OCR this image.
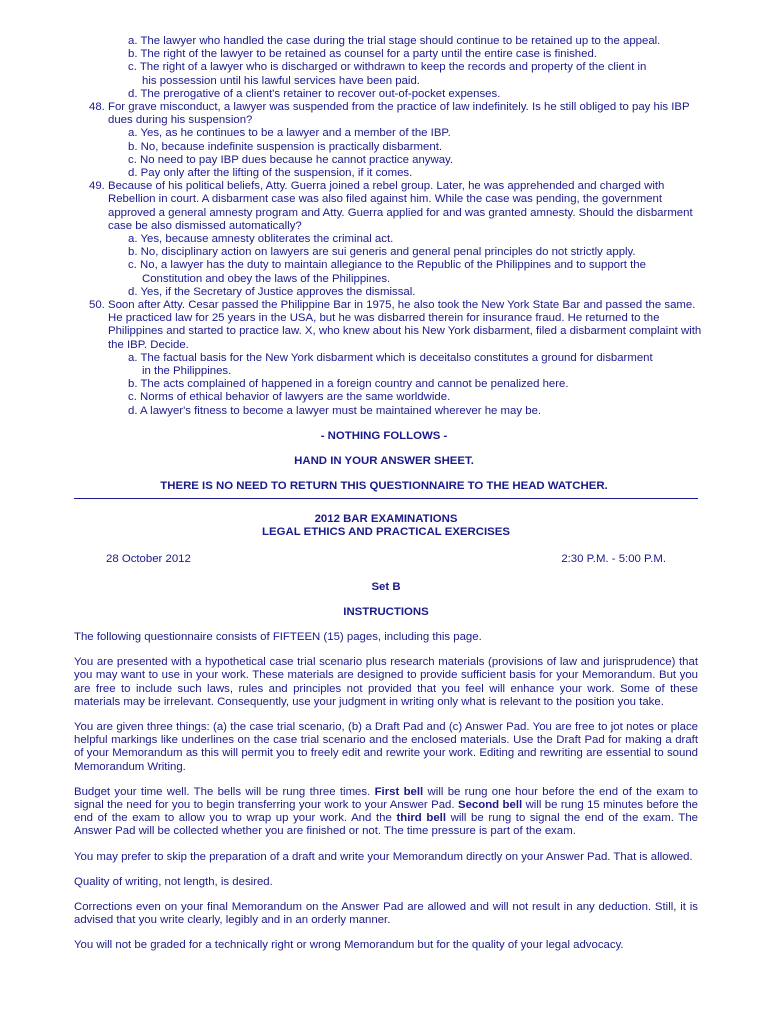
a. The lawyer who handled the case during the trial stage should continue to be retained up to the appeal.
b. The right of the lawyer to be retained as counsel for a party until the entire case is finished.
c. The right of a lawyer who is discharged or withdrawn to keep the records and property of the client in
his possession until his lawful services have been paid.
d. The prerogative of a client's retainer to recover out-of-pocket expenses.
48. For grave misconduct, a lawyer was suspended from the practice of law indefinitely. Is he still obliged to pay his IBP dues during his suspension?
a. Yes, as he continues to be a lawyer and a member of the IBP.
b. No, because indefinite suspension is practically disbarment.
c. No need to pay IBP dues because he cannot practice anyway.
d. Pay only after the lifting of the suspension, if it comes.
49. Because of his political beliefs, Atty. Guerra joined a rebel group. Later, he was apprehended and charged with Rebellion in court. A disbarment case was also filed against him. While the case was pending, the government approved a general amnesty program and Atty. Guerra applied for and was granted amnesty. Should the disbarment case be also dismissed automatically?
a. Yes, because amnesty obliterates the criminal act.
b. No, disciplinary action on lawyers are sui generis and general penal principles do not strictly apply.
c. No, a lawyer has the duty to maintain allegiance to the Republic of the Philippines and to support the
Constitution and obey the laws of the Philippines.
d. Yes, if the Secretary of Justice approves the dismissal.
50. Soon after Atty. Cesar passed the Philippine Bar in 1975, he also took the New York State Bar and passed the same. He practiced law for 25 years in the USA, but he was disbarred therein for insurance fraud. He returned to the Philippines and started to practice law. X, who knew about his New York disbarment, filed a disbarment complaint with the IBP. Decide.
a. The factual basis for the New York disbarment which is deceitalso constitutes a ground for disbarment
in the Philippines.
b. The acts complained of happened in a foreign country and cannot be penalized here.
c. Norms of ethical behavior of lawyers are the same worldwide.
d. A lawyer's fitness to become a lawyer must be maintained wherever he may be.
- NOTHING FOLLOWS -
HAND IN YOUR ANSWER SHEET.
THERE IS NO NEED TO RETURN THIS QUESTIONNAIRE TO THE HEAD WATCHER.
2012 BAR EXAMINATIONS
LEGAL ETHICS AND PRACTICAL EXERCISES
28 October 2012	2:30 P.M. - 5:00 P.M.
Set B
INSTRUCTIONS
The following questionnaire consists of FIFTEEN (15) pages, including this page.
You are presented with a hypothetical case trial scenario plus research materials (provisions of law and jurisprudence) that you may want to use in your work. These materials are designed to provide sufficient basis for your Memorandum. But you are free to include such laws, rules and principles not provided that you feel will enhance your work. Some of these materials may be irrelevant. Consequently, use your judgment in writing only what is relevant to the position you take.
You are given three things: (a) the case trial scenario, (b) a Draft Pad and (c) Answer Pad. You are free to jot notes or place helpful markings like underlines on the case trial scenario and the enclosed materials. Use the Draft Pad for making a draft of your Memorandum as this will permit you to freely edit and rewrite your work. Editing and rewriting are essential to sound Memorandum Writing.
Budget your time well. The bells will be rung three times. First bell will be rung one hour before the end of the exam to signal the need for you to begin transferring your work to your Answer Pad. Second bell will be rung 15 minutes before the end of the exam to allow you to wrap up your work. And the third bell will be rung to signal the end of the exam. The Answer Pad will be collected whether you are finished or not. The time pressure is part of the exam.
You may prefer to skip the preparation of a draft and write your Memorandum directly on your Answer Pad. That is allowed.
Quality of writing, not length, is desired.
Corrections even on your final Memorandum on the Answer Pad are allowed and will not result in any deduction. Still, it is advised that you write clearly, legibly and in an orderly manner.
You will not be graded for a technically right or wrong Memorandum but for the quality of your legal advocacy.
